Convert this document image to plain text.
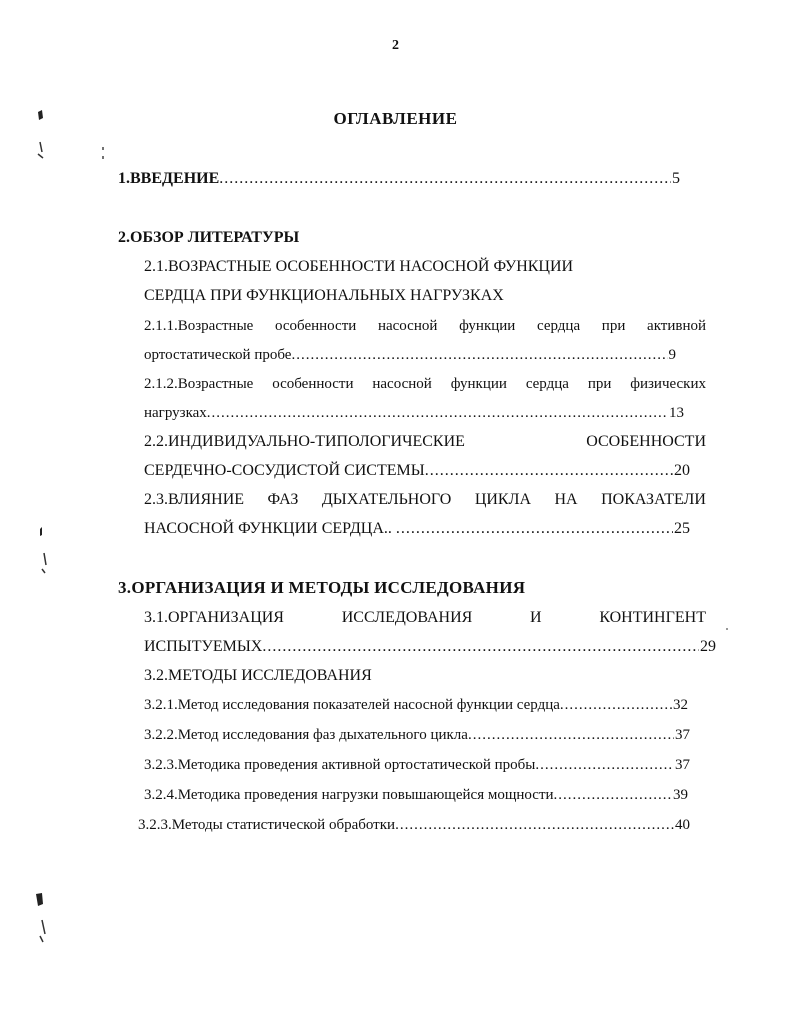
2
ОГЛАВЛЕНИЕ
1.ВВЕДЕНИЕ .....	5
2.ОБЗОР ЛИТЕРАТУРЫ
2.1.ВОЗРАСТНЫЕ ОСОБЕННОСТИ НАСОСНОЙ ФУНКЦИИ
СЕРДЦА ПРИ ФУНКЦИОНАЛЬНЫХ НАГРУЗКАХ
2.1.1.Возрастные особенности насосной функции сердца при активной
ортостатической пробе .....	9
2.1.2.Возрастные особенности насосной функции сердца при физических
нагрузках .....	13
2.2.ИНДИВИДУАЛЬНО-ТИПОЛОГИЧЕСКИЕ	ОСОБЕННОСТИ
СЕРДЕЧНО-СОСУДИСТОЙ СИСТЕМЫ .....	20
2.3.ВЛИЯНИЕ ФАЗ ДЫХАТЕЛЬНОГО ЦИКЛА НА ПОКАЗАТЕЛИ
НАСОСНОЙ ФУНКЦИИ СЕРДЦА.. .....	25
3.ОРГАНИЗАЦИЯ И МЕТОДЫ ИССЛЕДОВАНИЯ
3.1.ОРГАНИЗАЦИЯ	ИССЛЕДОВАНИЯ	И	КОНТИНГЕНТ
ИСПЫТУЕМЫХ .....	29
3.2.МЕТОДЫ ИССЛЕДОВАНИЯ
3.2.1.Метод исследования показателей насосной функции сердца .....	32
3.2.2.Метод исследования фаз дыхательного цикла .....	37
3.2.3.Методика проведения активной ортостатической пробы .....	37
3.2.4.Методика проведения нагрузки повышающейся мощности .....	39
3.2.3.Методы статистической обработки .....	40
